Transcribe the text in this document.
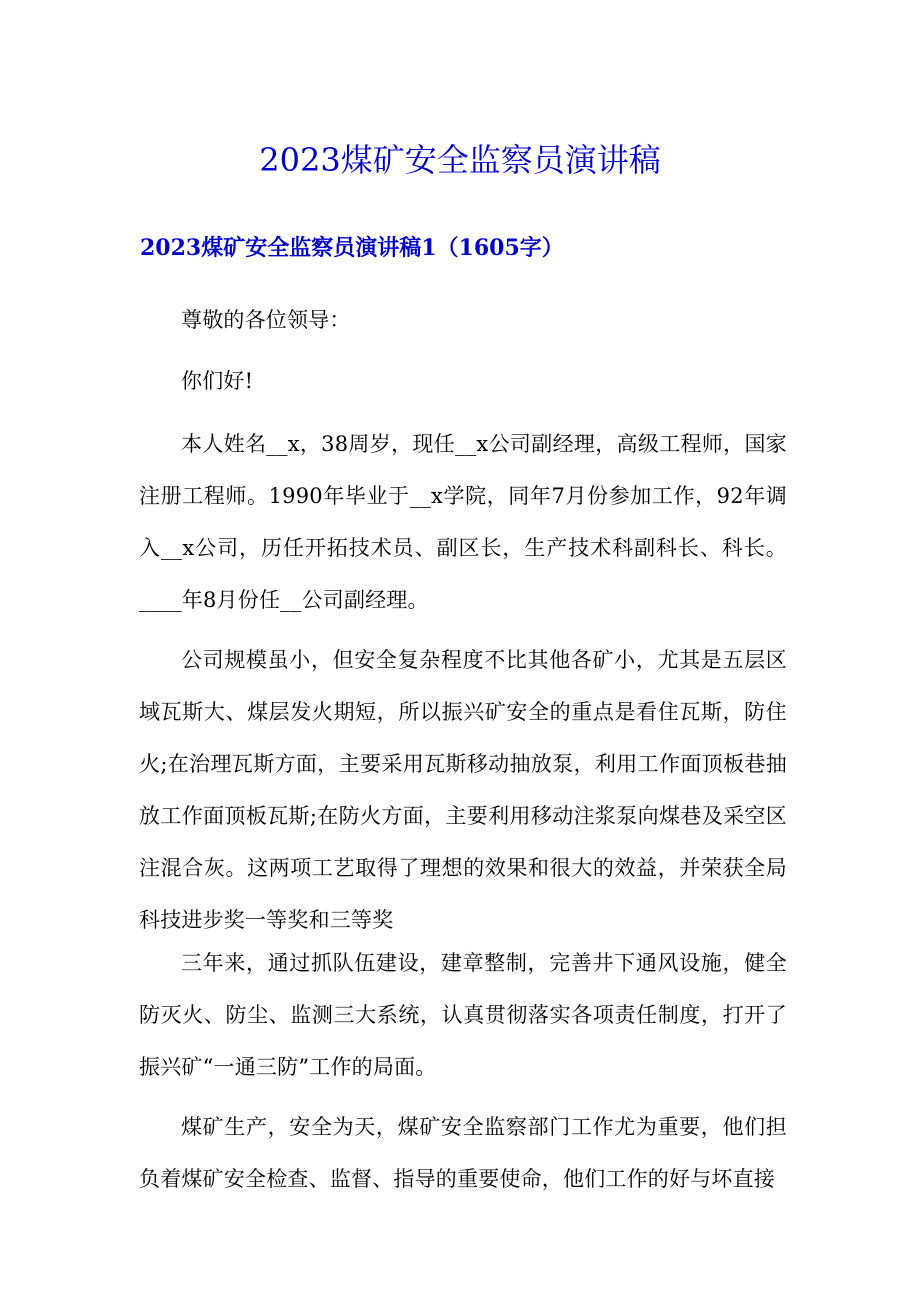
2023煤矿安全监察员演讲稿
2023煤矿安全监察员演讲稿1（1605字）

尊敬的各位领导：

你们好!

本人姓名__x，38周岁，现任__x公司副经理，高级工程师，国家注册工程师。1990年毕业于__x学院，同年7月份参加工作，92年调入__x公司，历任开拓技术员、副区长，生产技术科副科长、科长。____年8月份任__公司副经理。

公司规模虽小，但安全复杂程度不比其他各矿小，尤其是五层区域瓦斯大、煤层发火期短，所以振兴矿安全的重点是看住瓦斯，防住火;在治理瓦斯方面，主要采用瓦斯移动抽放泵，利用工作面顶板巷抽放工作面顶板瓦斯;在防火方面，主要利用移动注浆泵向煤巷及采空区注混合灰。这两项工艺取得了理想的效果和很大的效益，并荣获全局科技进步奖一等奖和三等奖

三年来，通过抓队伍建设，建章整制，完善井下通风设施，健全防灭火、防尘、监测三大系统，认真贯彻落实各项责任制度，打开了振兴矿“一通三防”工作的局面。

煤矿生产，安全为天，煤矿安全监察部门工作尤为重要，他们担负着煤矿安全检查、监督、指导的重要使命，他们工作的好与坏直接
